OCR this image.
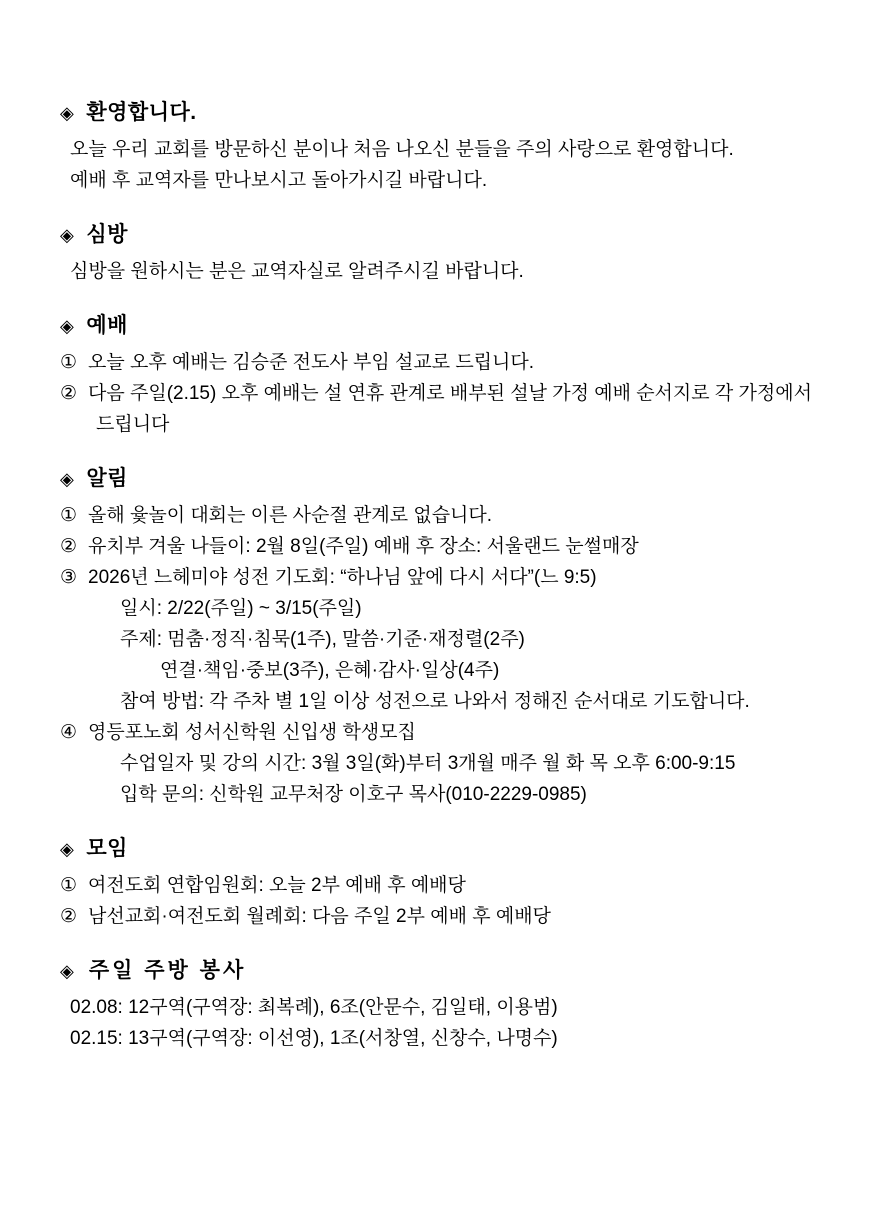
◈ 환영합니다.
오늘 우리 교회를 방문하신 분이나 처음 나오신 분들을 주의 사랑으로 환영합니다.
예배 후 교역자를 만나보시고 돌아가시길 바랍니다.
◈ 심방
심방을 원하시는 분은 교역자실로 알려주시길 바랍니다.
◈ 예배
① 오늘 오후 예배는 김승준 전도사 부임 설교로 드립니다.
② 다음 주일(2.15) 오후 예배는 설 연휴 관계로 배부된 설날 가정 예배 순서지로 각 가정에서 드립니다
◈ 알림
① 올해 윷놀이 대회는 이른 사순절 관계로 없습니다.
② 유치부 겨울 나들이: 2월 8일(주일) 예배 후 장소: 서울랜드 눈썰매장
③ 2026년 느헤미야 성전 기도회: “하나님 앞에 다시 서다”(느 9:5)
일시: 2/22(주일) ~ 3/15(주일)
주제: 멈춤·정직·침묵(1주), 말씀·기준·재정렬(2주)
연결·책임·중보(3주), 은혜·감사·일상(4주)
참여 방법: 각 주차 별 1일 이상 성전으로 나와서 정해진 순서대로 기도합니다.
④ 영등포노회 성서신학원 신입생 학생모집
수업일자 및 강의 시간: 3월 3일(화)부터 3개월 매주 월 화 목 오후 6:00-9:15
입학 문의: 신학원 교무처장 이호구 목사(010-2229-0985)
◈ 모임
① 여전도회 연합임원회: 오늘 2부 예배 후 예배당
② 남선교회·여전도회 월례회: 다음 주일 2부 예배 후 예배당
◈ 주일 주방 봉사
02.08: 12구역(구역장: 최복례), 6조(안문수, 김일태, 이용범)
02.15: 13구역(구역장: 이선영), 1조(서창열, 신창수, 나명수)
